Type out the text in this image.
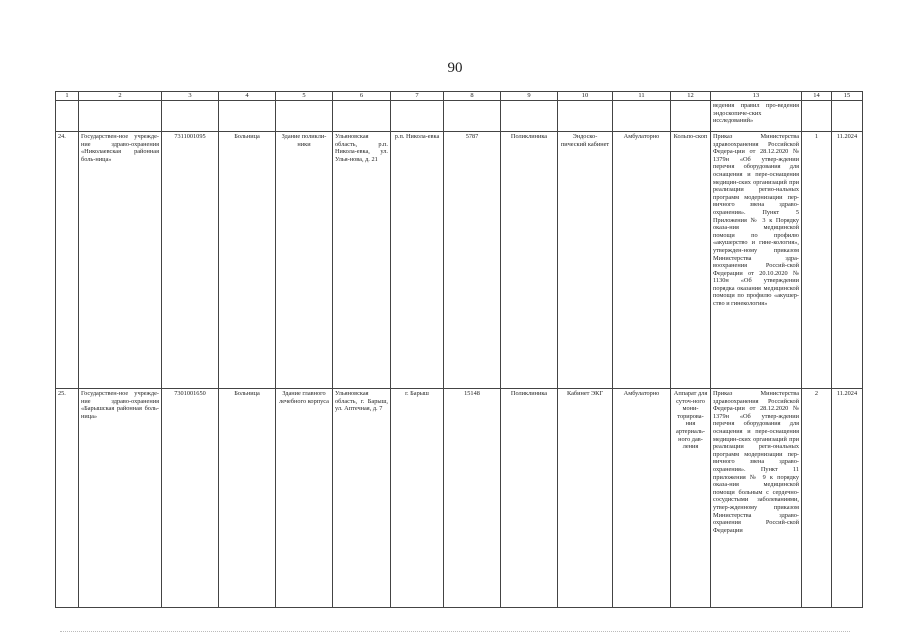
90
1	2	3	4	5	6	7	8	9	10	11	12	13	14	15
												ведения правил про-ведения эндоскопиче-ских исследований»		
24.	Государствен-ное учрежде-ние здраво-охранения «Николаевская районная боль-ница»	7311001095	Больница	Здание поликли-ники	Ульяновская область, р.п. Никола-евка, ул. Улья-нова, д. 21	р.п. Никола-евка	5787	Поликлиника	Эндоско-пический кабинет	Амбулаторно	Кольпо-скоп	Приказ Министерства здравоохранения Российской Федера-ции от 28.12.2020 № 1379н «Об утвер-ждении перечня оборудования для оснащения и пере-оснащения медицин-ских организаций при реализации регио-нальных программ модернизации пер-вичного звена здраво-охранения». Пункт 5 Приложения № 3 к Порядку оказа-ния медицинской помощи по профилю «акушерство и гине-кология», утвержден-ному приказом Министерства здра-воохранения Россий-ской Федерации от 20.10.2020 № 1130н «Об утверждении порядка оказания медицинской помощи по профилю «акушер-ство и гинекология»	1	11.2024
25.	Государствен-ное учрежде-ние здраво-охранения «Барышская районная боль-ница»	7301001650	Больница	Здание главного лечебного корпуса	Ульяновская область, г. Барыш, ул. Аптечная, д. 7	г. Барыш	15148	Поликлиника	Кабинет ЭКГ	Амбулаторно	Аппарат для суточ-ного мони-торирова-ния артериаль-ного дав-ления	Приказ Министерства здравоохранения Российской Федера-ции от 28.12.2020 № 1379н «Об утвер-ждении перечня оборудования для оснащения и пере-оснащения медицин-ских организаций при реализации реги-ональных программ модернизации пер-вичного звена здраво-охранения». Пункт 11 приложения № 9 к порядку оказа-ния медицинской помощи больным с сердечно-сосудистыми заболеваниями, утвер-жденному приказом Министерства здраво-охранения Россий-ской Федерации	2	11.2024
